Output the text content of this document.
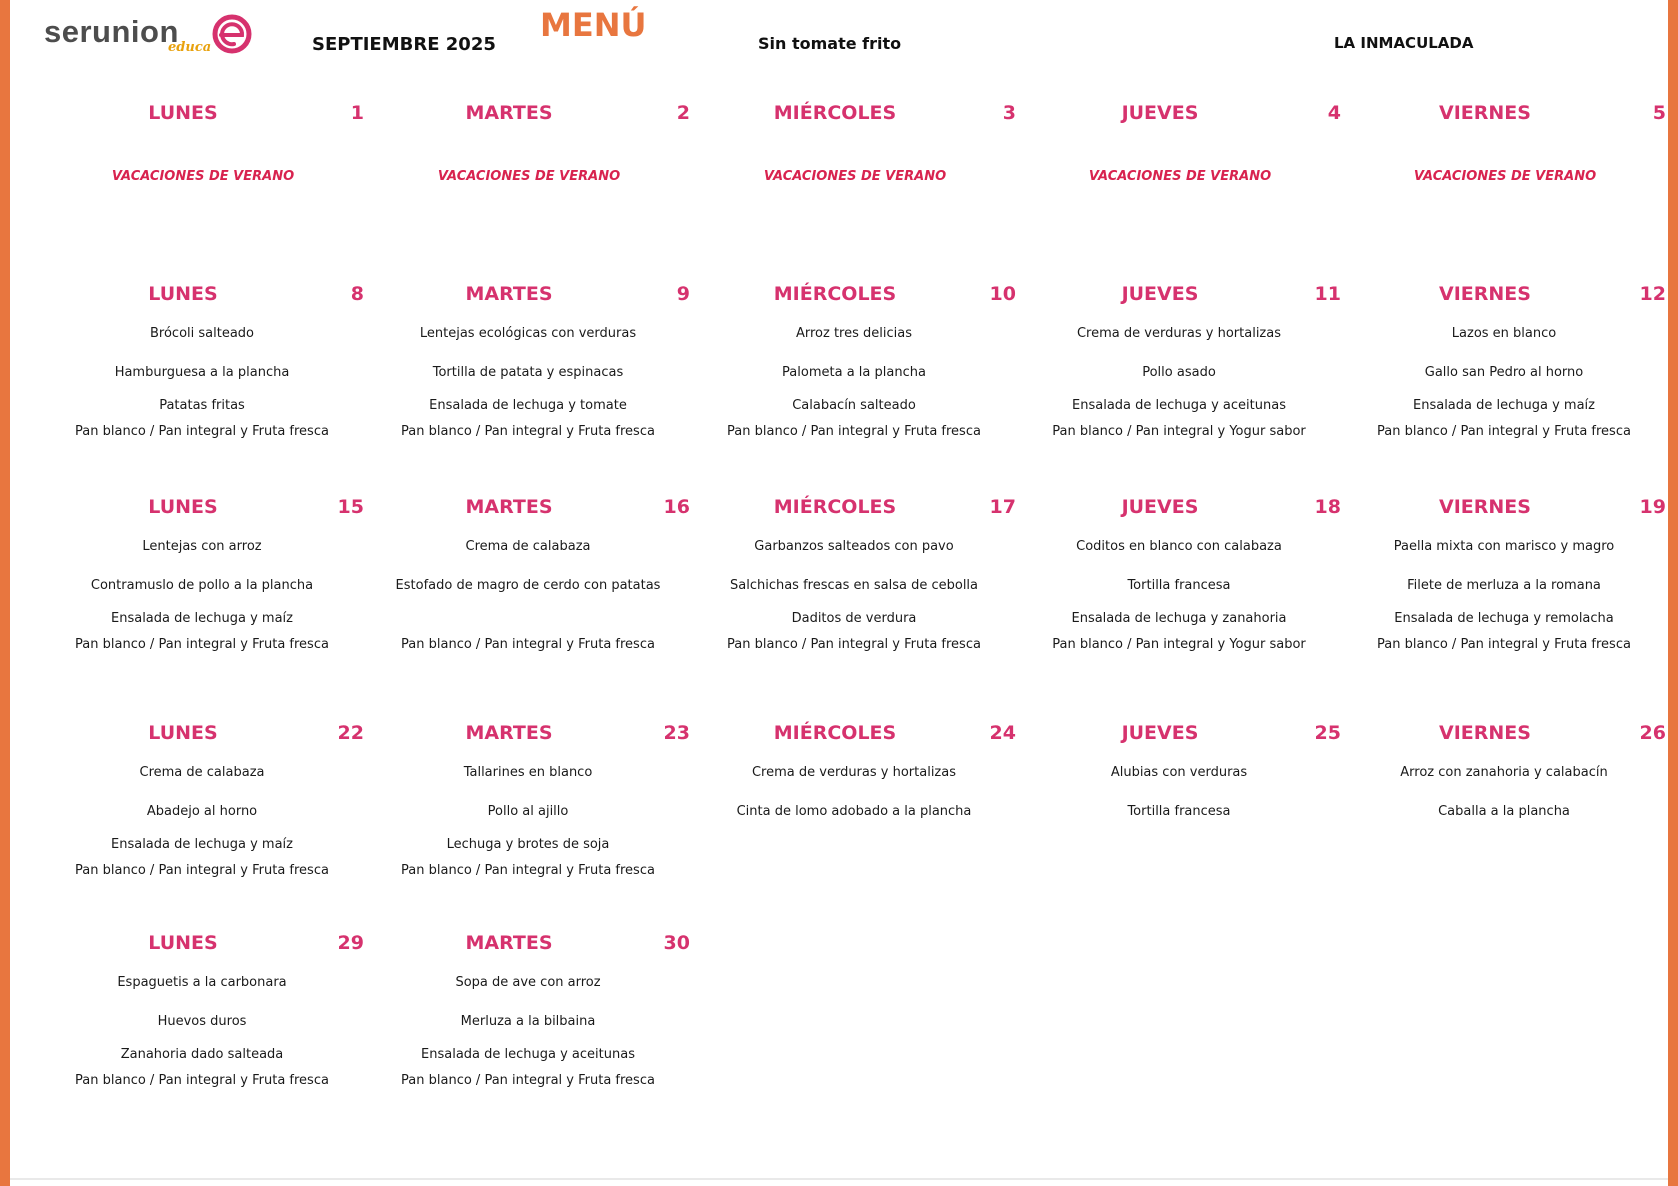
serunion
educa	SEPTIEMBRE 2025
MENÚ	Sin tomate frito	LA INMACULADA
LUNES	1
VACACIONES DE VERANO
MARTES	2
VACACIONES DE VERANO
MIÉRCOLES	3
VACACIONES DE VERANO
JUEVES	4
VACACIONES DE VERANO
VIERNES	5
VACACIONES DE VERANO
LUNES	8
Brócoli salteado
Hamburguesa a la plancha
Patatas fritas
Pan blanco / Pan integral y Fruta fresca
MARTES	9
Lentejas ecológicas con verduras
Tortilla de patata y espinacas
Ensalada de lechuga y tomate
Pan blanco / Pan integral y Fruta fresca
MIÉRCOLES	10
Arroz tres delicias
Palometa a la plancha
Calabacín salteado
Pan blanco / Pan integral y Fruta fresca
JUEVES	11
Crema de verduras y hortalizas
Pollo asado
Ensalada de lechuga y aceitunas
Pan blanco / Pan integral y Yogur sabor
VIERNES	12
Lazos en blanco
Gallo san Pedro al horno
Ensalada de lechuga y maíz
Pan blanco / Pan integral y Fruta fresca
LUNES	15
Lentejas con arroz
Contramuslo de pollo a la plancha
Ensalada de lechuga y maíz
Pan blanco / Pan integral y Fruta fresca
MARTES	16
Crema de calabaza
Estofado de magro de cerdo con patatas
Pan blanco / Pan integral y Fruta fresca
MIÉRCOLES	17
Garbanzos salteados con pavo
Salchichas frescas en salsa de cebolla
Daditos de verdura
Pan blanco / Pan integral y Fruta fresca
JUEVES	18
Coditos en blanco con calabaza
Tortilla francesa
Ensalada de lechuga y zanahoria
Pan blanco / Pan integral y Yogur sabor
VIERNES	19
Paella mixta con marisco y magro
Filete de merluza a la romana
Ensalada de lechuga y remolacha
Pan blanco / Pan integral y Fruta fresca
LUNES	22
Crema de calabaza
Abadejo al horno
Ensalada de lechuga y maíz
Pan blanco / Pan integral y Fruta fresca
MARTES	23
Tallarines en blanco
Pollo al ajillo
Lechuga y brotes de soja
Pan blanco / Pan integral y Fruta fresca
MIÉRCOLES	24
Crema de verduras y hortalizas
Cinta de lomo adobado a la plancha
JUEVES	25
Alubias con verduras
Tortilla francesa
VIERNES	26
Arroz con zanahoria y calabacín
Caballa a la plancha
LUNES	29
Espaguetis a la carbonara
Huevos duros
Zanahoria dado salteada
Pan blanco / Pan integral y Fruta fresca
MARTES	30
Sopa de ave con arroz
Merluza a la bilbaina
Ensalada de lechuga y aceitunas
Pan blanco / Pan integral y Fruta fresca
